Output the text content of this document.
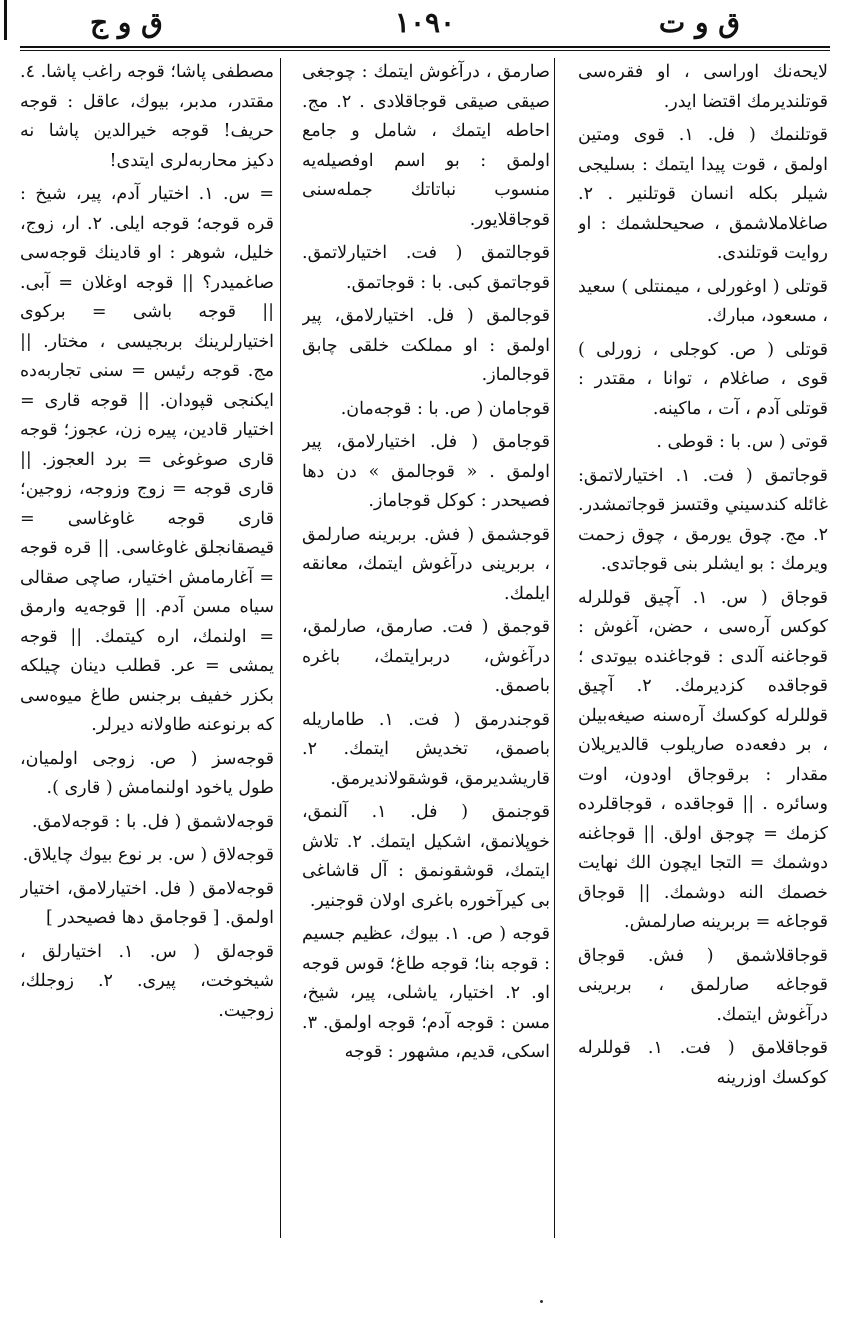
ق و ت
١٠٩٠
ق و ج

لايحه‌نك اوراسى ، او فقره‌سى قوتلنديرمك اقتضا ايدر.

قوتلنمك ( فل. ١. قوى ومتين اولمق ، قوت پيدا ايتمك : بسليجى شيلر بكله انسان قوتلنير . ٢. صاغلاملاشمق ، صحيحلشمك : او روايت قوتلندى.

قوتلى ( اوغورلى ، ميمنتلى ) سعيد ، مسعود، مبارك.

قوتلى ( ص. كوجلى ، زورلى ) قوى ، صاغلام ، توانا ، مقتدر : قوتلى آدم ، آت ، ماكينه.

قوتى ( س. با : قوطى .

قوجاتمق ( فت. ١. اختيارلاتمق: غائله كندسيني وقتسز قوجاتمشدر. ٢. مج. چوق يورمق ، چوق زحمت ويرمك : بو ايشلر بنى قوجاتدى.

قوجاق ( س. ١. آچيق قوللرله كوكس آره‌سى ، حضن، آغوش : قوجاغنه آلدى : قوجاغنده بيوتدى ؛ قوجاقده كزديرمك. ٢. آچيق قوللرله كوكسك آره‌سنه صيغه‌بيلن ، بر دفعه‌ده صاريلوب قالديريلان مقدار : برقوجاق اودون، اوت وسائره . || قوجاقده ، قوجاقلرده كزمك = چوجق اولق. || قوجاغنه دوشمك = التجا ايچون الك نهايت خصمك النه دوشمك. || قوجاق قوجاغه = بربرينه صارلمش.

قوجاقلاشمق ( فش. قوجاق قوجاغه صارلمق ، بربرينى درآغوش ايتمك.

قوجاقلامق ( فت. ١. قوللرله كوكسك اوزرينه

صارمق ، درآغوش ايتمك : چوجغى صيقى صيقى قوجاقلادى . ٢. مج. احاطه ايتمك ، شامل و جامع اولمق : بو اسم اوفصيله‌يه منسوب نباتاتك جمله‌سنى قوجاقلايور.

قوجالتمق ( فت. اختيارلاتمق. قوجاتمق كبى. با : قوجاتمق.

قوجالمق ( فل. اختيارلامق، پير اولمق : او مملكت خلقى چابق قوجالماز.

قوجامان ( ص. با : قوجه‌مان.

قوجامق ( فل. اختيارلامق، پير اولمق . « قوجالمق » دن دها فصيحدر : كوكل قوجاماز.

قوجشمق ( فش. بربرينه صارلمق ، بربرينى درآغوش ايتمك، معانقه ايلمك.

قوجمق ( فت. صارمق، صارلمق، درآغوش، دربرايتمك، باغره باصمق.

قوجندرمق ( فت. ١. طاماريله باصمق، تخديش ايتمك. ٢. قاريشديرمق، قوشقولانديرمق.

قوجنمق ( فل. ١. آلنمق، خوپلانمق، اشكيل ايتمك. ٢. تلاش ايتمك، قوشقونمق : آل قاشاغى بى كيرآخوره باغرى اولان قوجنير.

قوجه ( ص. ١. بيوك، عظيم جسيم : قوجه بنا؛ قوجه طاغ؛ قوس قوجه او. ٢. اختيار، ياشلى، پير، شيخ، مسن : قوجه آدم؛ قوجه اولمق. ٣. اسكى، قديم، مشهور : قوجه

مصطفى پاشا؛ قوجه راغب پاشا. ٤. مقتدر، مدبر، بيوك، عاقل : قوجه حريف! قوجه خيرالدين پاشا نه دكيز محاربه‌لرى ايتدى!

= س. ١. اختيار آدم، پير، شيخ : قره قوجه؛ قوجه ايلى. ٢. ار، زوج، خليل، شوهر : او قادينك قوجه‌سى صاغميدر؟ || قوجه اوغلان = آبى. || قوجه باشى = بركوى اختيارلرينك بربجيسى ، مختار. || مج. قوجه رئيس = سنى تجاربه‌ده ايكنجى قپودان. || قوجه قارى = اختيار قادين، پيره زن، عجوز؛ قوجه قارى صوغوغى = برد العجوز. || قارى قوجه = زوج وزوجه، زوجين؛ قارى قوجه غاوغاسى = قيصقانجلق غاوغاسى. || قره قوجه = آغارمامش اختيار، صاچى صقالى سياه مسن آدم. || قوجه‌يه وارمق = اولنمك، اره كيتمك. || قوجه يمشى = عر. قطلب دينان چيلكه بكزر خفيف برجنس طاغ ميوه‌سى كه برنوعنه طاولانه ديرلر.

قوجه‌سز ( ص. زوجى اولميان، طول ياخود اولنمامش ( قارى ).

قوجه‌لاشمق ( فل. با : قوجه‌لامق.

قوجه‌لاق ( س. بر نوع بيوك چايلاق.

قوجه‌لامق ( فل. اختيارلامق، اختيار اولمق. [ قوجامق دها فصيحدر ]

قوجه‌لق ( س. ١. اختيارلق ، شيخوخت، پيرى. ٢. زوجلك، زوجيت.
